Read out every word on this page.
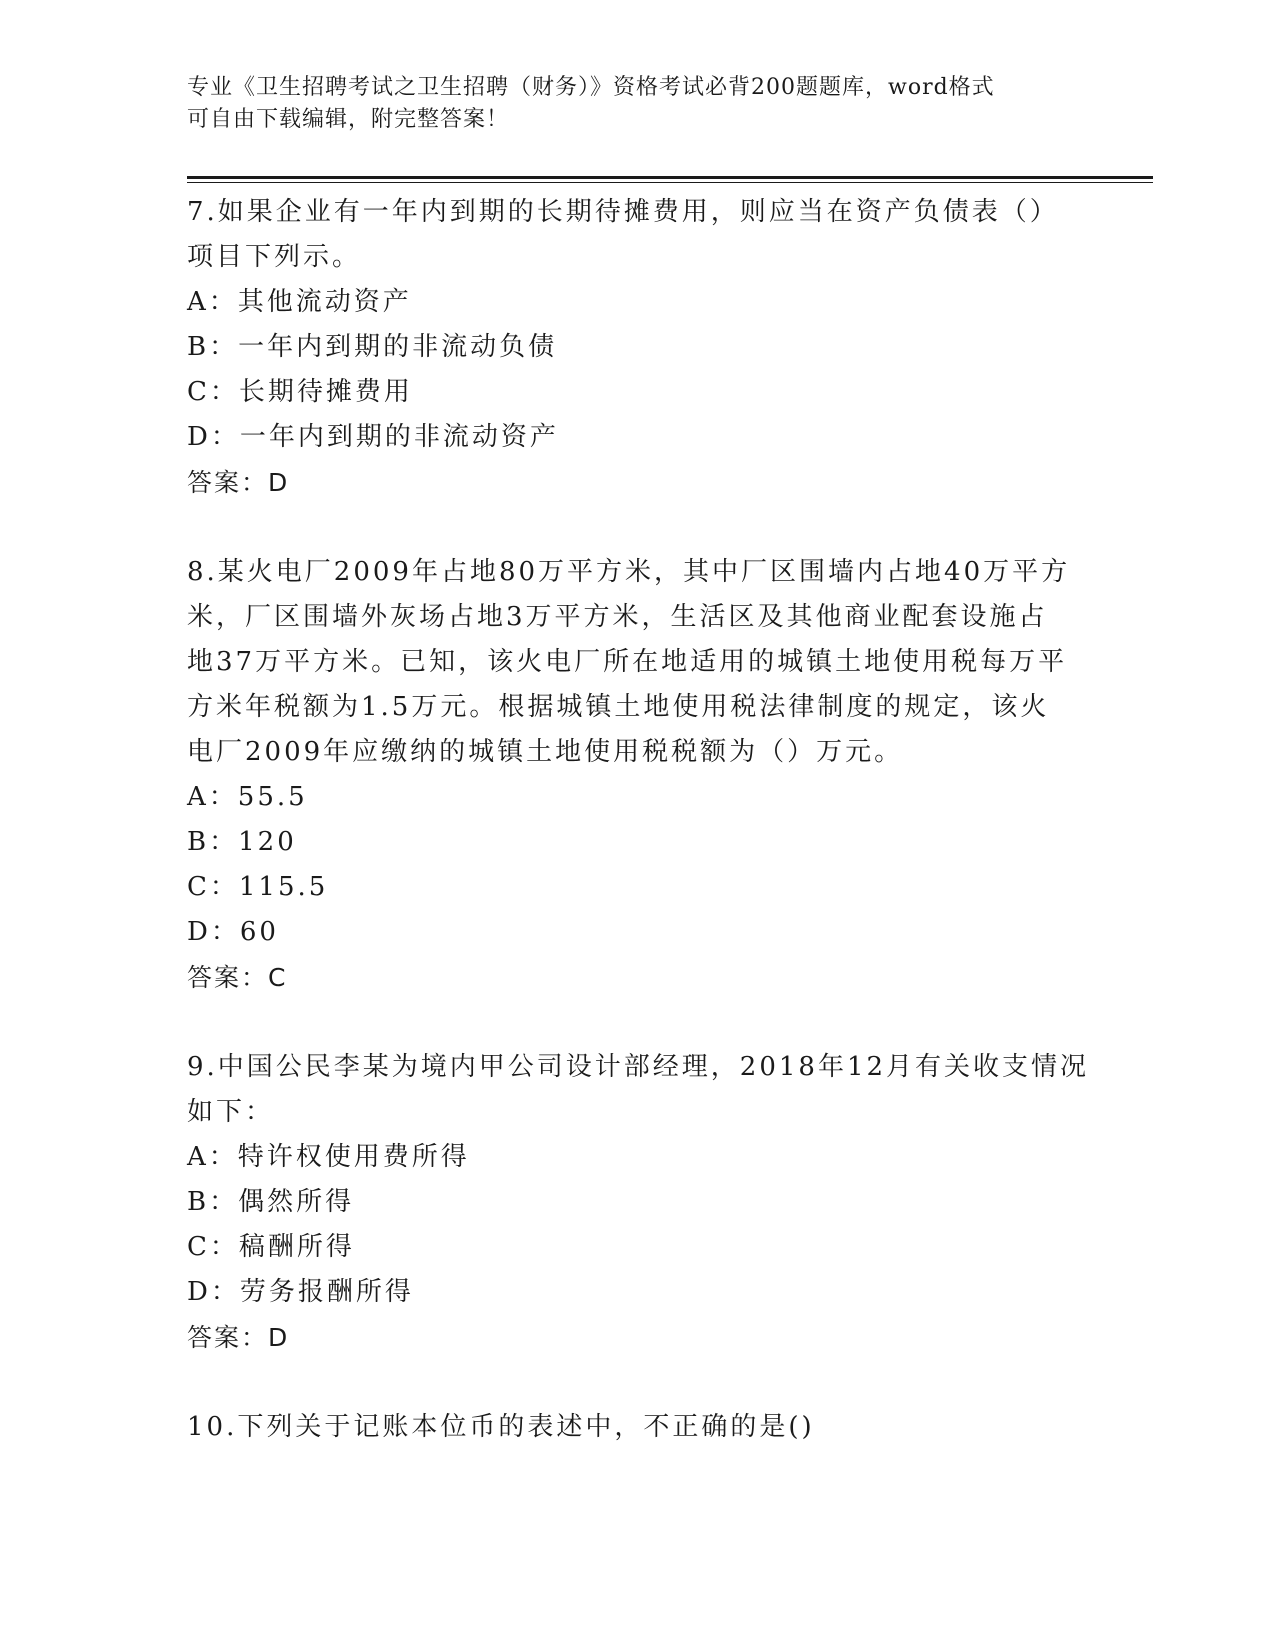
专业《卫生招聘考试之卫生招聘（财务）》资格考试必背200题题库，word格式
可自由下载编辑，附完整答案！
7.如果企业有一年内到期的长期待摊费用，则应当在资产负债表（）
项目下列示。
A：其他流动资产
B：一年内到期的非流动负债
C：长期待摊费用
D：一年内到期的非流动资产
答案：D
8.某火电厂2009年占地80万平方米，其中厂区围墙内占地40万平方
米，厂区围墙外灰场占地3万平方米，生活区及其他商业配套设施占
地37万平方米。已知，该火电厂所在地适用的城镇土地使用税每万平
方米年税额为1.5万元。根据城镇土地使用税法律制度的规定，该火
电厂2009年应缴纳的城镇土地使用税税额为（）万元。
A：55.5
B：120
C：115.5
D：60
答案：C
9.中国公民李某为境内甲公司设计部经理，2018年12月有关收支情况
如下：
A：特许权使用费所得
B：偶然所得
C：稿酬所得
D：劳务报酬所得
答案：D
10.下列关于记账本位币的表述中，不正确的是()
